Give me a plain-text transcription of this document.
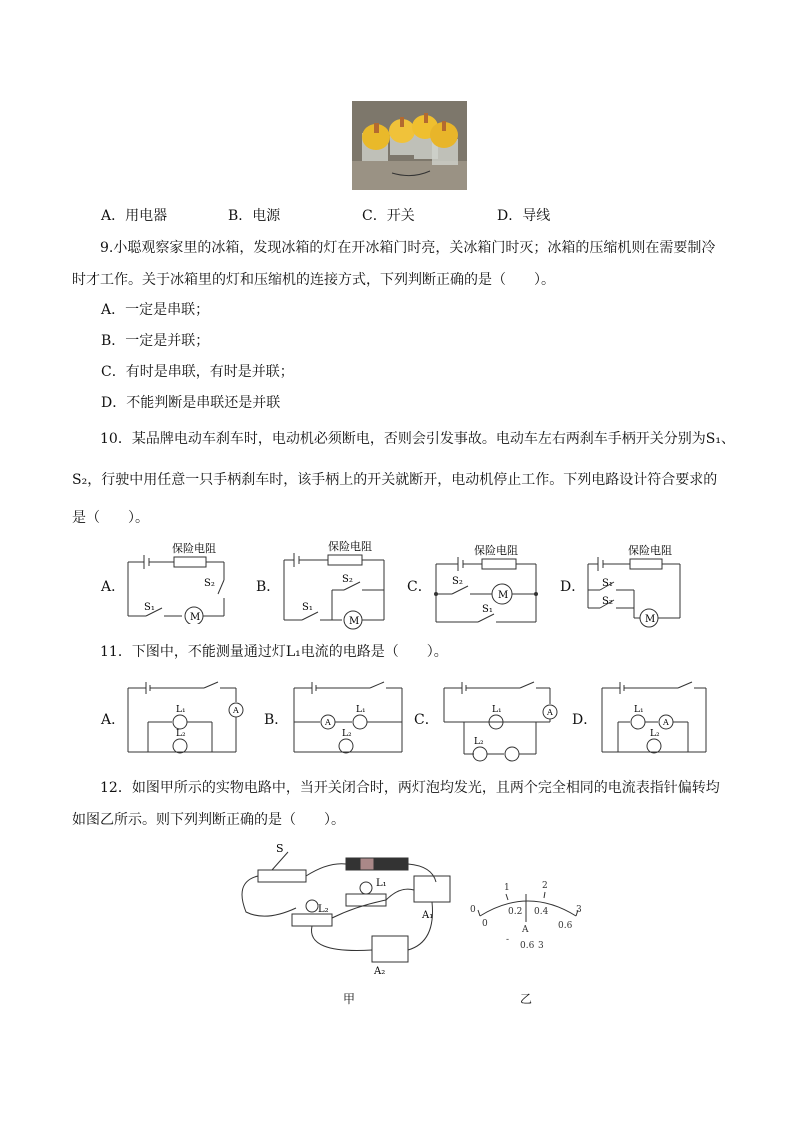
A．用电器	B．电源	C．开关	D．导线
9.小聪观察家里的冰箱，发现冰箱的灯在开冰箱门时亮，关冰箱门时灭；冰箱的压缩机则在需要制冷
时才工作。关于冰箱里的灯和压缩机的连接方式，下列判断正确的是（　　）。
A．一定是串联；
B．一定是并联；
C．有时是串联，有时是并联；
D．不能判断是串联还是并联
10．某品牌电动车刹车时，电动机必须断电，否则会引发事故。电动车左右两刹车手柄开关分别为S₁、
S₂，行驶中用任意一只手柄刹车时，该手柄上的开关就断开，电动机停止工作。下列电路设计符合要求的
是（　　）。
A．	B．	C．	D．
保险电阻
S₂
S₁
M
保险电阻
S₂
S₁
M
保险电阻
S₂
S₁
M
保险电阻
S₁
S₂
M
11．下图中，不能测量通过灯L₁电流的电路是（　　）。
A．	B．	C．	D．
L₁
L₂
A
A
L₁
L₂
L₁
L₂
A	L₁
A
L₂
12．如图甲所示的实物电路中，当开关闭合时，两灯泡均发光，且两个完全相同的电流表指针偏转均
如图乙所示。则下列判断正确的是（　　）。
S
L₂
L₁
A₁
A₂
甲
0
1	2
3
0
0.2 0.4
0.6
A
-
0.6 3
乙
